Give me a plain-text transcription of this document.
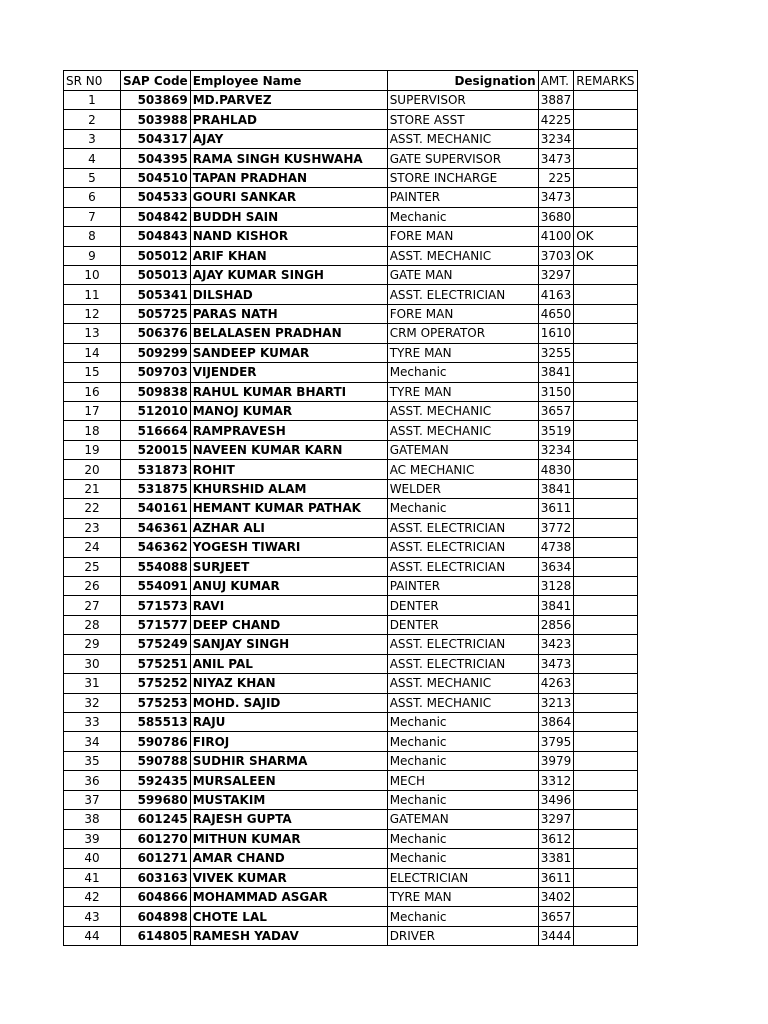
SR N0	SAP Code	Employee Name	Designation	AMT.	REMARKS
1	503869	MD.PARVEZ	SUPERVISOR	3887	
2	503988	PRAHLAD	STORE ASST	4225	
3	504317	AJAY	ASST. MECHANIC	3234	
4	504395	RAMA SINGH KUSHWAHA	GATE SUPERVISOR	3473	
5	504510	TAPAN PRADHAN	STORE INCHARGE	225	
6	504533	GOURI SANKAR	PAINTER	3473	
7	504842	BUDDH SAIN	Mechanic	3680	
8	504843	NAND KISHOR	FORE MAN	4100	OK
9	505012	ARIF KHAN	ASST. MECHANIC	3703	OK
10	505013	AJAY KUMAR SINGH	GATE MAN	3297	
11	505341	DILSHAD	ASST. ELECTRICIAN	4163	
12	505725	PARAS NATH	FORE MAN	4650	
13	506376	BELALASEN PRADHAN	CRM OPERATOR	1610	
14	509299	SANDEEP KUMAR	TYRE MAN	3255	
15	509703	VIJENDER	Mechanic	3841	
16	509838	RAHUL KUMAR BHARTI	TYRE MAN	3150	
17	512010	MANOJ KUMAR	ASST. MECHANIC	3657	
18	516664	RAMPRAVESH	ASST. MECHANIC	3519	
19	520015	NAVEEN KUMAR KARN	GATEMAN	3234	
20	531873	ROHIT	AC MECHANIC	4830	
21	531875	KHURSHID ALAM	WELDER	3841	
22	540161	HEMANT KUMAR PATHAK	Mechanic	3611	
23	546361	AZHAR ALI	ASST. ELECTRICIAN	3772	
24	546362	YOGESH TIWARI	ASST. ELECTRICIAN	4738	
25	554088	SURJEET	ASST. ELECTRICIAN	3634	
26	554091	ANUJ KUMAR	PAINTER	3128	
27	571573	RAVI	DENTER	3841	
28	571577	DEEP CHAND	DENTER	2856	
29	575249	SANJAY SINGH	ASST. ELECTRICIAN	3423	
30	575251	ANIL PAL	ASST. ELECTRICIAN	3473	
31	575252	NIYAZ KHAN	ASST. MECHANIC	4263	
32	575253	MOHD. SAJID	ASST. MECHANIC	3213	
33	585513	RAJU	Mechanic	3864	
34	590786	FIROJ	Mechanic	3795	
35	590788	SUDHIR SHARMA	Mechanic	3979	
36	592435	MURSALEEN	MECH	3312	
37	599680	MUSTAKIM	Mechanic	3496	
38	601245	RAJESH GUPTA	GATEMAN	3297	
39	601270	MITHUN KUMAR	Mechanic	3612	
40	601271	AMAR CHAND	Mechanic	3381	
41	603163	VIVEK KUMAR	ELECTRICIAN	3611	
42	604866	MOHAMMAD ASGAR	TYRE MAN	3402	
43	604898	CHOTE LAL	Mechanic	3657	
44	614805	RAMESH YADAV	DRIVER	3444	
